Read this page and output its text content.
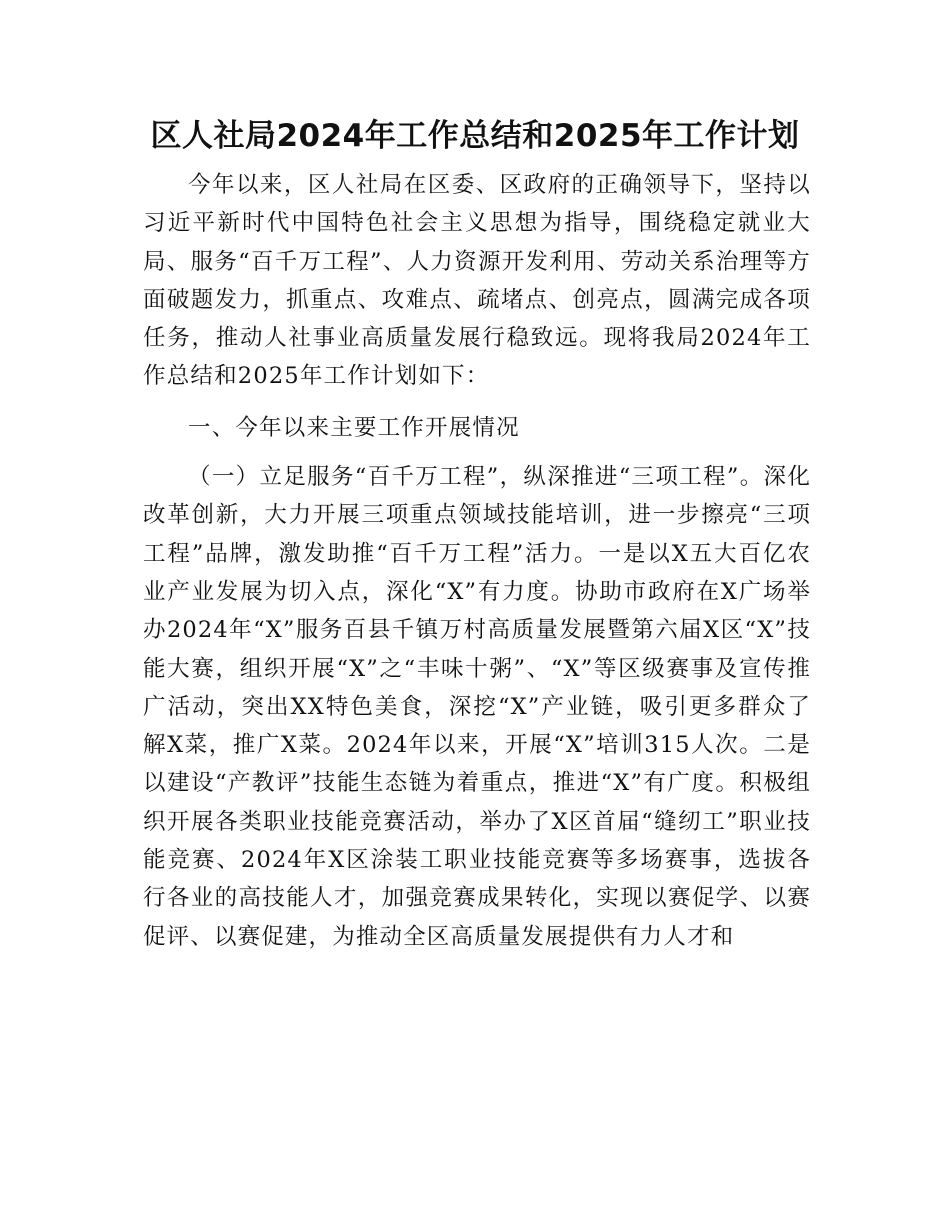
区人社局2024年工作总结和2025年工作计划

今年以来，区人社局在区委、区政府的正确领导下，坚持以习近平新时代中国特色社会主义思想为指导，围绕稳定就业大局、服务“百千万工程”、人力资源开发利用、劳动关系治理等方面破题发力，抓重点、攻难点、疏堵点、创亮点，圆满完成各项任务，推动人社事业高质量发展行稳致远。现将我局2024年工作总结和2025年工作计划如下：

一、今年以来主要工作开展情况

（一）立足服务“百千万工程”，纵深推进“三项工程”。深化改革创新，大力开展三项重点领域技能培训，进一步擦亮“三项工程”品牌，激发助推“百千万工程”活力。一是以X五大百亿农业产业发展为切入点，深化“X”有力度。协助市政府在X广场举办2024年“X”服务百县千镇万村高质量发展暨第六届X区“X”技能大赛，组织开展“X”之“丰味十粥”、“X”等区级赛事及宣传推广活动，突出XX特色美食，深挖“X”产业链，吸引更多群众了解X菜，推广X菜。2024年以来，开展“X”培训315人次。二是以建设“产教评”技能生态链为着重点，推进“X”有广度。积极组织开展各类职业技能竞赛活动，举办了X区首届“缝纫工”职业技能竞赛、2024年X区涂装工职业技能竞赛等多场赛事，选拔各行各业的高技能人才，加强竞赛成果转化，实现以赛促学、以赛促评、以赛促建，为推动全区高质量发展提供有力人才和
